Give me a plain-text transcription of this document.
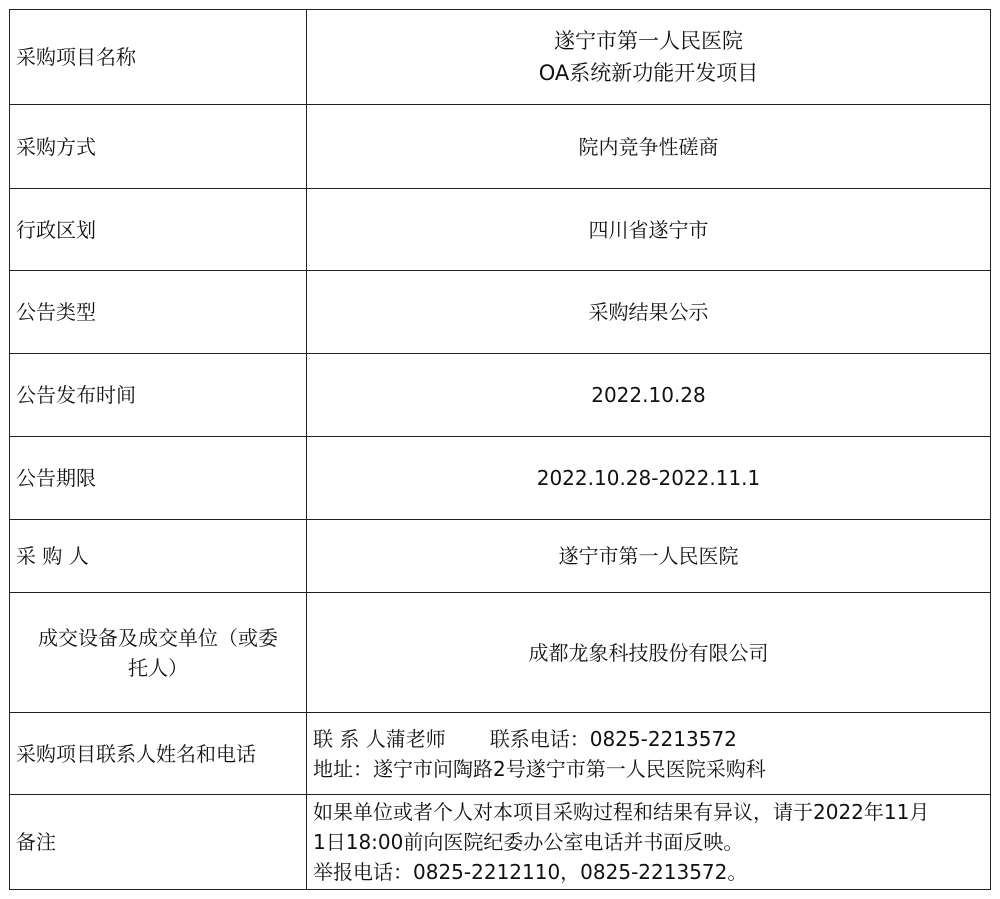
采购项目名称	遂宁市第一人民医院
OA系统新功能开发项目

采购方式	院内竞争性磋商
行政区划	四川省遂宁市
公告类型	采购结果公示
公告发布时间	2022.10.28
公告期限	2022.10.28-2022.11.1
采 购 人	遂宁市第一人民医院

成交设备及成交单位（或委
托人）	成都龙象科技股份有限公司
采购项目联系人姓名和电话	联 系 人蒲老师 联系电话：0825-2213572
地址：遂宁市问陶路2号遂宁市第一人民医院采购科

备注	如果单位或者个人对本项目采购过程和结果有异议，请于2022年11月
1日18:00前向医院纪委办公室电话并书面反映。
举报电话：0825-2212110，0825-2213572。
